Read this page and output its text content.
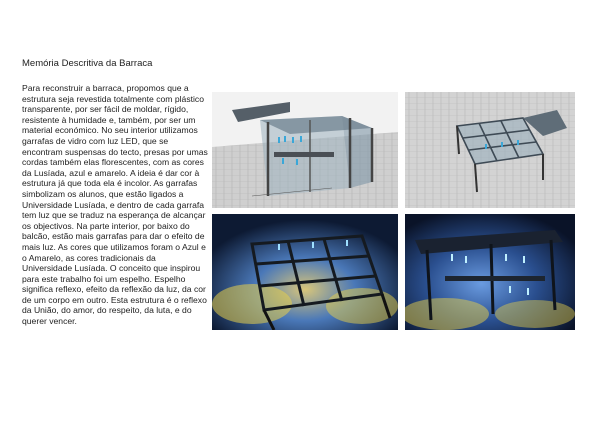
Memória Descritiva da Barraca
Para reconstruir a barraca, propomos que a estrutura seja revestida totalmente com plástico transparente, por ser fácil de moldar, rígido, resistente à humidade e, também, por ser um material económico. No seu interior utilizamos garrafas de vidro com luz LED, que se encontram suspensas do tecto, presas por umas cordas também elas florescentes, com as cores da Lusíada, azul e amarelo. A ideia é dar cor à estrutura já que toda ela é incolor. As garrafas simbolizam os alunos, que estão ligados a Universidade Lusíada, e dentro de cada garrafa tem luz que se traduz na esperança de alcançar os objectivos. Na parte interior, por baixo do balcão, estão mais garrafas para dar o efeito de mais luz. As cores que utilizamos foram o Azul e o Amarelo, as cores tradicionais da Universidade Lusíada. O conceito que inspirou para este trabalho foi um espelho. Espelho significa reflexo, efeito da reflexão da luz, da cor de um corpo em outro. Esta estrutura é o reflexo da União, do amor, do respeito, da luta, e do querer vencer.
